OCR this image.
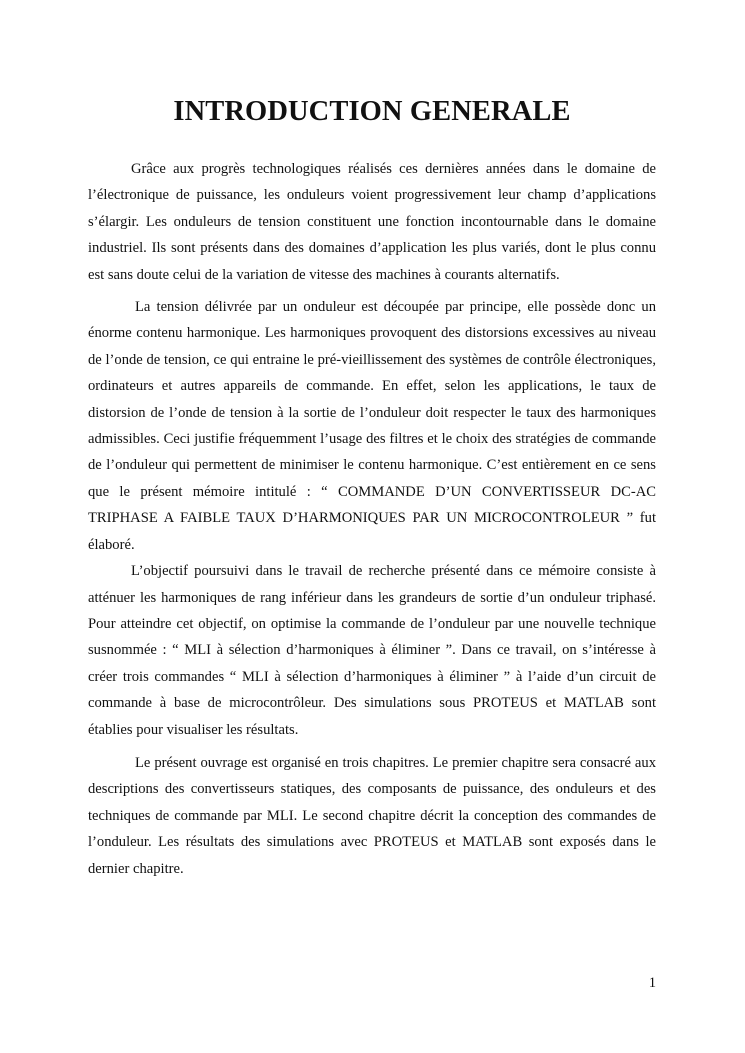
INTRODUCTION GENERALE

Grâce aux progrès technologiques réalisés ces dernières années dans le domaine de l’électronique de puissance, les onduleurs voient progressivement leur champ d’applications s’élargir. Les onduleurs de tension constituent une fonction incontournable dans le domaine industriel. Ils sont présents dans des domaines d’application les plus variés, dont le plus connu est sans doute celui de la variation de vitesse des machines à courants alternatifs.

La tension délivrée par un onduleur est découpée par principe, elle possède donc un énorme contenu harmonique. Les harmoniques provoquent des distorsions excessives au niveau de l’onde de tension, ce qui entraine le pré-vieillissement des systèmes de contrôle électroniques, ordinateurs et autres appareils de commande. En effet, selon les applications, le taux de distorsion de l’onde de tension à la sortie de l’onduleur doit respecter le taux des harmoniques admissibles. Ceci justifie fréquemment l’usage des filtres et le choix des stratégies de commande de l’onduleur qui permettent de minimiser le contenu harmonique. C’est entièrement en ce sens que le présent mémoire intitulé : “ COMMANDE D’UN CONVERTISSEUR DC-AC TRIPHASE A FAIBLE TAUX D’HARMONIQUES PAR UN MICROCONTROLEUR ” fut élaboré.

L’objectif poursuivi dans le travail de recherche présenté dans ce mémoire consiste à atténuer les harmoniques de rang inférieur dans les grandeurs de sortie d’un onduleur triphasé. Pour atteindre cet objectif, on optimise la commande de l’onduleur par une nouvelle technique susnommée : “ MLI à sélection d’harmoniques à éliminer ”. Dans ce travail, on s’intéresse à créer trois commandes “ MLI à sélection d’harmoniques à éliminer ” à l’aide d’un circuit de commande à base de microcontrôleur. Des simulations sous PROTEUS et MATLAB sont établies pour visualiser les résultats.

Le présent ouvrage est organisé en trois chapitres. Le premier chapitre sera consacré aux descriptions des convertisseurs statiques, des composants de puissance, des onduleurs et des techniques de commande par MLI. Le second chapitre décrit la conception des commandes de l’onduleur. Les résultats des simulations avec PROTEUS et MATLAB sont exposés dans le dernier chapitre.

1
